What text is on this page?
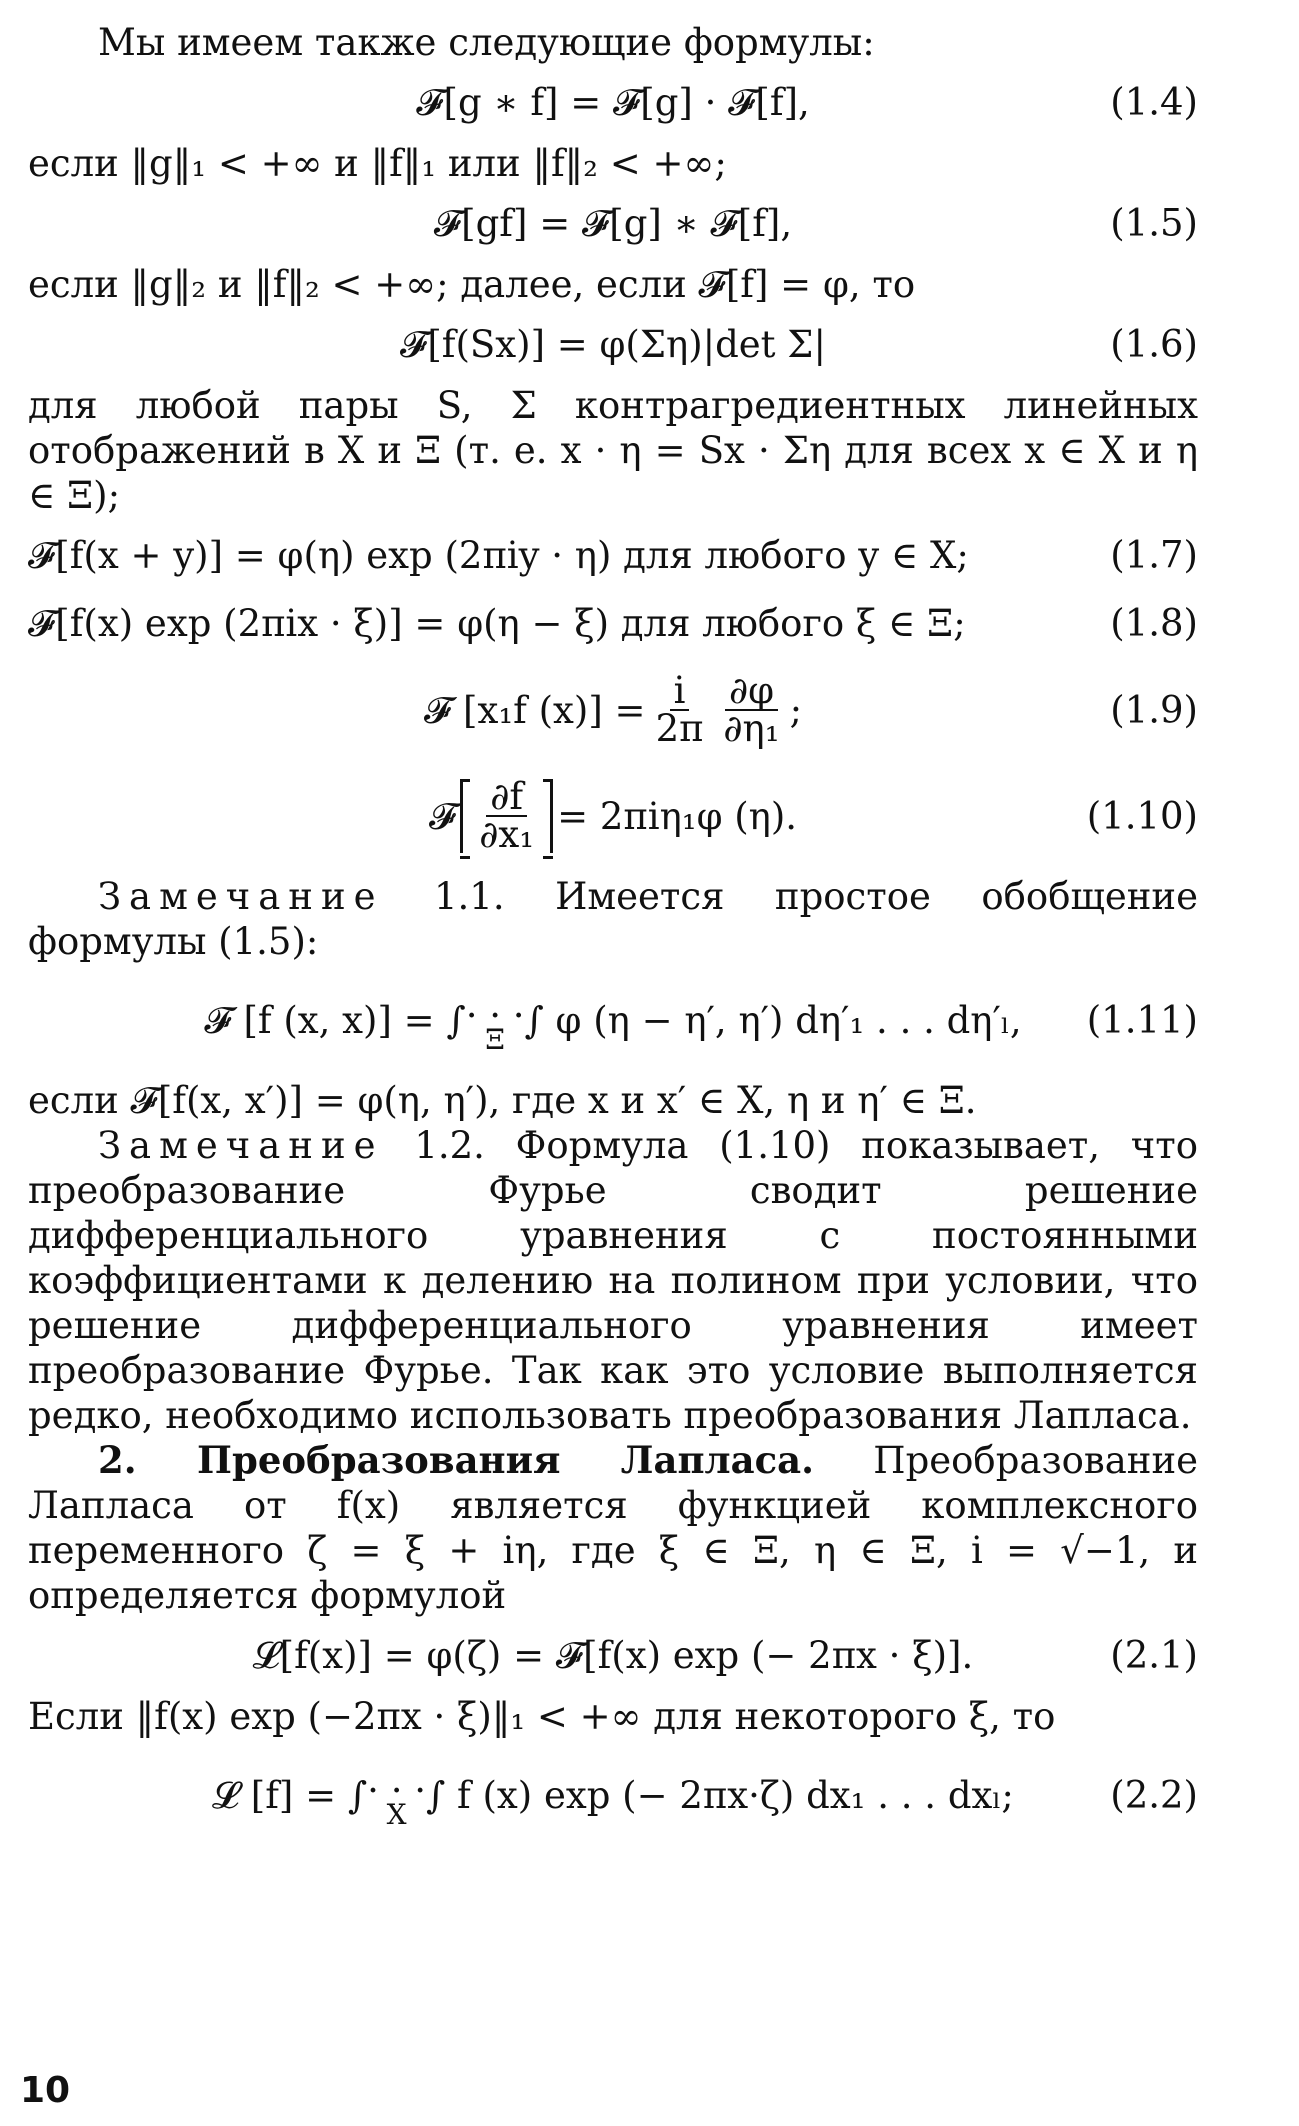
Мы имеем также следующие формулы:

𝓕[g ∗ f] = 𝓕[g] · 𝓕[f],	(1.4)

если ‖g‖₁ < +∞ и ‖f‖₁ или ‖f‖₂ < +∞;

𝓕[gf] = 𝓕[g] ∗ 𝓕[f],	(1.5)

если ‖g‖₂ и ‖f‖₂ < +∞; далее, если 𝓕[f] = φ, то

𝓕[f(Sx)] = φ(Ση)|det Σ|	(1.6)

для любой пары S, Σ контрагредиентных линейных отображений в X и Ξ (т. е. x · η = Sx · Ση для всех x ∈ X и η ∈ Ξ);

𝓕[f(x + y)] = φ(η) exp (2πiy · η) для любого y ∈ X;	(1.7)
𝓕[f(x) exp (2πix · ξ)] = φ(η − ξ) для любого ξ ∈ Ξ;	(1.8)
𝓕 [x₁f $(x)] = \frac{i}{2\pi} \frac{\partial\varphi}{\text{∂η₁}}$ ;	(1.9)
𝓕 $\frac{\partial f}{\text{∂x₁}} = 2\pi i\eta_1\varphi$ (η).	(1.10)

Замечание 1.1. Имеется простое обобщение формулы (1.5):

𝓕 [f (x, x)] = ∫ . . .
Ξ ∫ φ (η − η′, η′) dη′₁ . . . dη′ₗ, (1.11)

если 𝓕[f(x, x′)] = φ(η, η′), где x и x′ ∈ X, η и η′ ∈ Ξ.

Замечание 1.2. Формула (1.10) показывает, что преобразование Фурье сводит решение дифференциального уравнения с постоянными коэффициентами к делению на полином при условии, что решение дифференциального уравнения имеет преобразование Фурье. Так как это условие выполняется редко, необходимо использовать преобразования Лапласа.

2. Преобразования Лапласа. Преобразование Лапласа от f(x) является функцией комплексного переменного ζ = ξ + iη, где ξ ∈ Ξ, η ∈ Ξ, i = √−1, и определяется формулой

𝓛[f(x)] = φ(ζ) = 𝓕[f(x) exp (− 2πx · ξ)].	(2.1)

Если ‖f(x) exp (−2πx · ξ)‖₁ < +∞ для некоторого ξ, то

𝓛 [f] = ∫ . . .
X ∫ f (x) exp (− 2πx·ζ) dx₁ . . . dxₗ;	(2.2)
10
